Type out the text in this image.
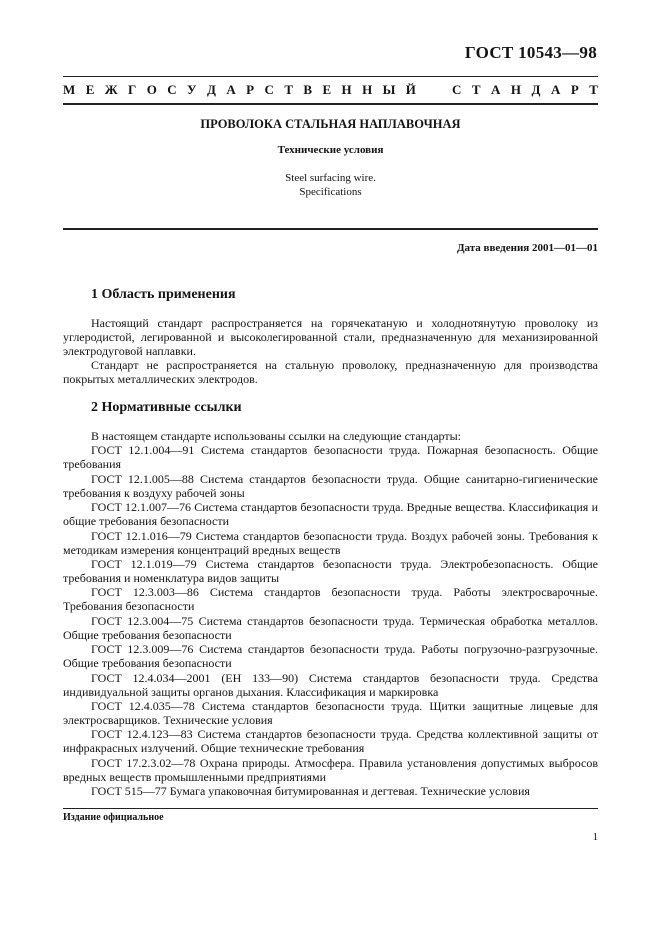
ГОСТ 10543—98
М Е Ж Г О С У Д А Р С Т В Е Н Н Ы Й	С Т А Н Д А Р Т
ПРОВОЛОКА СТАЛЬНАЯ НАПЛАВОЧНАЯ
Технические условия
Steel surfacing wire.
Specifications
Дата введения 2001—01—01
1 Область применения

Настоящий стандарт распространяется на горячекатаную и холоднотянутую проволоку из углеродистой, легированной и высоколегированной стали, предназначенную для механизированной электродуговой наплавки.

Стандарт не распространяется на стальную проволоку, предназначенную для производства покрытых металлических электродов.

2 Нормативные ссылки

В настоящем стандарте использованы ссылки на следующие стандарты:

ГОСТ 12.1.004—91 Система стандартов безопасности труда. Пожарная безопасность. Общие требования

ГОСТ 12.1.005—88 Система стандартов безопасности труда. Общие санитарно-гигиенические требования к воздуху рабочей зоны

ГОСТ 12.1.007—76 Система стандартов безопасности труда. Вредные вещества. Классификация и общие требования безопасности

ГОСТ 12.1.016—79 Система стандартов безопасности труда. Воздух рабочей зоны. Требования к методикам измерения концентраций вредных веществ

ГОСТ 12.1.019—79 Система стандартов безопасности труда. Электробезопасность. Общие требования и номенклатура видов защиты

ГОСТ 12.3.003—86 Система стандартов безопасности труда. Работы электросварочные. Требования безопасности

ГОСТ 12.3.004—75 Система стандартов безопасности труда. Термическая обработка металлов. Общие требования безопасности

ГОСТ 12.3.009—76 Система стандартов безопасности труда. Работы погрузочно-разгрузочные. Общие требования безопасности

ГОСТ 12.4.034—2001 (ЕН 133—90) Система стандартов безопасности труда. Средства индивидуальной защиты органов дыхания. Классификация и маркировка

ГОСТ 12.4.035—78 Система стандартов безопасности труда. Щитки защитные лицевые для электросварщиков. Технические условия

ГОСТ 12.4.123—83 Система стандартов безопасности труда. Средства коллективной защиты от инфракрасных излучений. Общие технические требования

ГОСТ 17.2.3.02—78 Охрана природы. Атмосфера. Правила установления допустимых выбросов вредных веществ промышленными предприятиями

ГОСТ 515—77 Бумага упаковочная битумированная и дегтевая. Технические условия

Издание официальное
1
